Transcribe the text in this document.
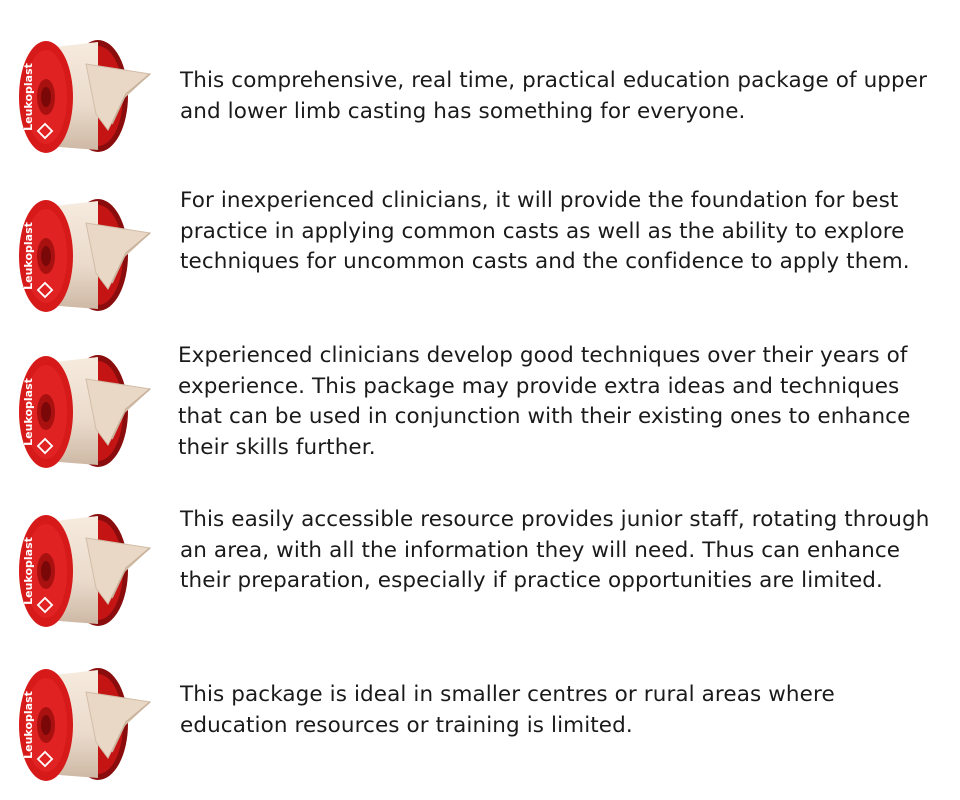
Leukoplast	This comprehensive, real time, practical education package of upper and lower limb casting has something for everyone.

Leukoplast

For inexperienced clinicians, it will provide the foundation for best practice in applying common casts as well as the ability to explore techniques for uncommon casts and the confidence to apply them.

Leukoplast

Experienced clinicians develop good techniques over their years of experience. This package may provide extra ideas and techniques that can be used in conjunction with their existing ones to enhance their skills further.

Leukoplast

This easily accessible resource provides junior staff, rotating through an area, with all the information they will need. Thus can enhance their preparation, especially if practice opportunities are limited.

Leukoplast	This package is ideal in smaller centres or rural areas where education resources or training is limited.
